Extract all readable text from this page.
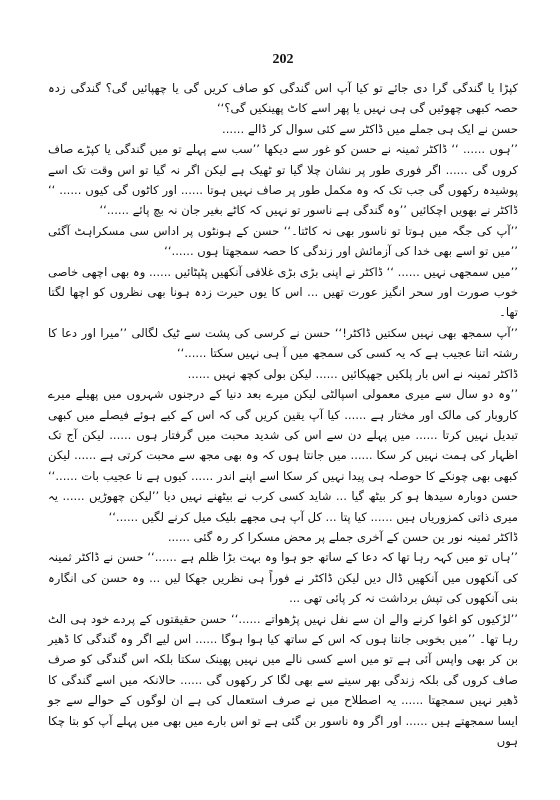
202

کپڑا یا گندگی گرا دی جائے تو کیا آپ اس گندگی کو صاف کریں گی یا چھپائیں گی؟ گندگی زدہ حصہ کبھی چھوئیں گی ہی نہیں یا پھر اسے کاٹ پھینکیں گی؟‘‘

حسن نے ایک ہی جملے میں ڈاکٹر سے کئی سوال کر ڈالے ......

’’ہوں ...... ‘‘ ڈاکٹر ثمینہ نے حسن کو غور سے دیکھا ’’سب سے پہلے تو میں گندگی یا کپڑے صاف کروں گی ...... اگر فوری طور پر نشان چلا گیا تو ٹھیک ہے لیکن اگر نہ گیا تو اس وقت تک اسے پوشیدہ رکھوں گی جب تک کہ وہ مکمل طور پر صاف نہیں ہوتا ...... اور کاٹوں گی کیوں ...... ‘‘ ڈاکٹر نے بھویں اچکائیں ’’وہ گندگی ہے ناسور تو نہیں کہ کاٹے بغیر جان نہ بچ پائے ......‘‘

’’آپ کی جگہ میں ہوتا تو ناسور بھی نہ کاٹتا۔‘‘ حسن کے ہونٹوں پر اداس سی مسکراہٹ آگئی ’’میں تو اسے بھی خدا کی آزمائش اور زندگی کا حصہ سمجھتا ہوں ......‘‘

’’میں سمجھی نہیں ...... ‘‘ ڈاکٹر نے اپنی بڑی بڑی غلافی آنکھیں پٹپٹائیں ...... وہ بھی اچھی خاصی خوب صورت اور سحر انگیز عورت تھیں ... اس کا یوں حیرت زدہ ہونا بھی نظروں کو اچھا لگتا تھا۔

’’آپ سمجھ بھی نہیں سکتیں ڈاکٹر!‘‘ حسن نے کرسی کی پشت سے ٹیک لگالی ’’میرا اور دعا کا رشتہ اتنا عجیب ہے کہ یہ کسی کی سمجھ میں آ ہی نہیں سکتا ......‘‘

ڈاکٹر ثمینہ نے اس بار پلکیں جھپکائیں ...... لیکن بولی کچھ نہیں ......

’’وہ دو سال سے میری معمولی اسپالٹی لیکن میرے بعد دنیا کے درجنوں شہروں میں پھیلے میرے کاروبار کی مالک اور مختار ہے ...... کیا آپ یقین کریں گی کہ اس کے کیے ہوئے فیصلے میں کبھی تبدیل نہیں کرتا ...... میں پہلے دن سے اس کی شدید محبت میں گرفتار ہوں ...... لیکن آج تک اظہار کی ہمت نہیں کر سکا ...... میں جانتا ہوں کہ وہ بھی مجھ سے محبت کرتی ہے ...... لیکن کبھی بھی چونکے کا حوصلہ ہی پیدا نہیں کر سکا اسے اپنے اندر ...... کیوں ہے نا عجیب بات ......‘‘ حسن دوبارہ سیدھا ہو کر بیٹھ گیا ... شاید کسی کرب نے بیٹھنے نہیں دیا ’’لیکن چھوڑیں ...... یہ میری ذاتی کمزوریاں ہیں ...... کیا پتا ... کل آپ ہی مجھے بلیک میل کرنے لگیں ......‘‘

ڈاکٹر ثمینہ نور ین حسن کے آخری جملے پر محض مسکرا کر رہ گئی ......

’’ہاں تو میں کہہ رہا تھا کہ دعا کے ساتھ جو ہوا وہ بہت بڑا ظلم ہے ......‘‘ حسن نے ڈاکٹر ثمینہ کی آنکھوں میں آنکھیں ڈال دیں لیکن ڈاکٹر نے فوراً ہی نظریں جھکا لیں ... وہ حسن کی انگارہ بنی آنکھوں کی تپش برداشت نہ کر پائی تھی ...

’’لڑکیوں کو اغوا کرنے والے ان سے نفل نہیں پڑھواتے ......‘‘ حسن حقیقتوں کے پردے خود ہی الٹ رہا تھا۔ ’’میں بخوبی جانتا ہوں کہ اس کے ساتھ کیا ہوا ہوگا ...... اس لیے اگر وہ گندگی کا ڈھیر بن کر بھی واپس آئی ہے تو میں اسے کسی نالے میں نہیں پھینک سکتا بلکہ اس گندگی کو صرف صاف کروں گی بلکہ زندگی بھر سینے سے بھی لگا کر رکھوں گی ...... حالانکہ میں اسے گندگی کا ڈھیر نہیں سمجھتا ...... یہ اصطلاح میں نے صرف استعمال کی ہے ان لوگوں کے حوالے سے جو ایسا سمجھتے ہیں ...... اور اگر وہ ناسور بن گئی ہے تو اس بارے میں بھی میں پہلے آپ کو بتا چکا ہوں
